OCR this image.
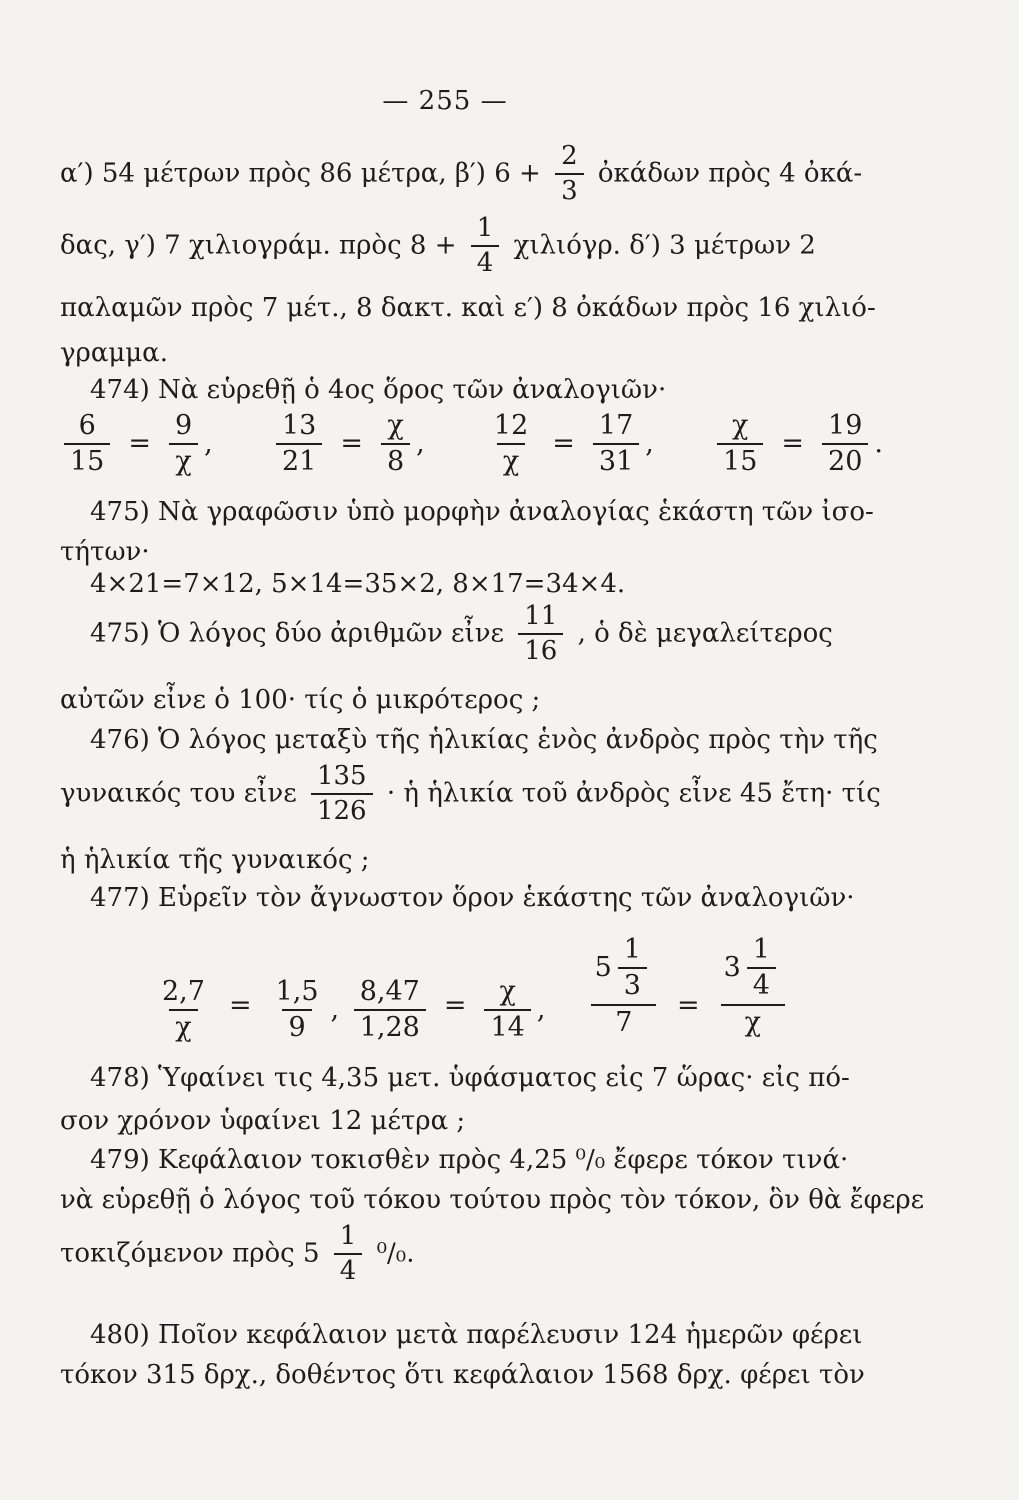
— 255 —
α′) 54 μέτρων πρὸς 86 μέτρα, β′) $6 + \frac{2}{3}$ ὀκάδων πρὸς 4 ὀκά-
δας, γ′) 7 χιλιογράμ. πρὸς $8 + \frac{1}{4} \chi\iota\lambda\iota ό\gamma\rho$. δ′) 3 μέτρων 2
παλαμῶν πρὸς 7 μέτ., 8 δακτ. καὶ ε′) 8 ὀκάδων πρὸς 16 χιλιό-
γραμμα.
474) Νὰ εὑρεθῇ ὁ 4ος ὅρος τῶν ἀναλογιῶν·
$\frac{6}{15} = \frac{9}{\chi}$ , $\frac{13}{21} = \frac{\chi}{8}$ , $\frac{12}{\chi} = \frac{17}{31}$ , $\frac{\chi}{15} = \frac{19}{20}$ .
475) Νὰ γραφῶσιν ὑπὸ μορφὴν ἀναλογίας ἑκάστη τῶν ἰσο-
τήτων·
4×21=7×12, 5×14=35×2, 8×17=34×4.
475) Ὁ λόγος δύο ἀριθμῶν εἶνε $\frac{11}{16}$ , ὁ δὲ μεγαλείτερος
αὐτῶν εἶνε ὁ 100· τίς ὁ μικρότερος ;
476) Ὁ λόγος μεταξὺ τῆς ἡλικίας ἑνὸς ἀνδρὸς πρὸς τὴν τῆς
γυναικός του εἶνε $\frac{135}{126}$ · ἡ ἡλικία τοῦ ἀνδρὸς εἶνε 45 ἔτη· τίς
ἡ ἡλικία τῆς γυναικός ;
477) Εὑρεῖν τὸν ἄγνωστον ὅρον ἑκάστης τῶν ἀναλογιῶν·
$\frac{2,7}{\chi} = \frac{1,5}{9}$ , $\frac{8,47}{1,28} = \frac{\chi}{14}$ , $\frac{5 \frac{1}{3}}{7} = \frac{3 \frac{1}{4}}{\chi}$
478) Ὑφαίνει τις 4,35 μετ. ὑφάσματος εἰς 7 ὥρας· εἰς πό-
σον χρόνον ὑφαίνει 12 μέτρα ;
479) Κεφάλαιον τοκισθὲν πρὸς 4,25 ⁰/₀ ἔφερε τόκον τινά·
νὰ εὑρεθῇ ὁ λόγος τοῦ τόκου τούτου πρὸς τὸν τόκον, ὃν θὰ ἔφερε
τοκιζόμενον πρὸς $5 \frac{1}{4} ^0/_0$.
480) Ποῖον κεφάλαιον μετὰ παρέλευσιν 124 ἡμερῶν φέρει
τόκον 315 δρχ., δοθέντος ὅτι κεφάλαιον 1568 δρχ. φέρει τὸν
